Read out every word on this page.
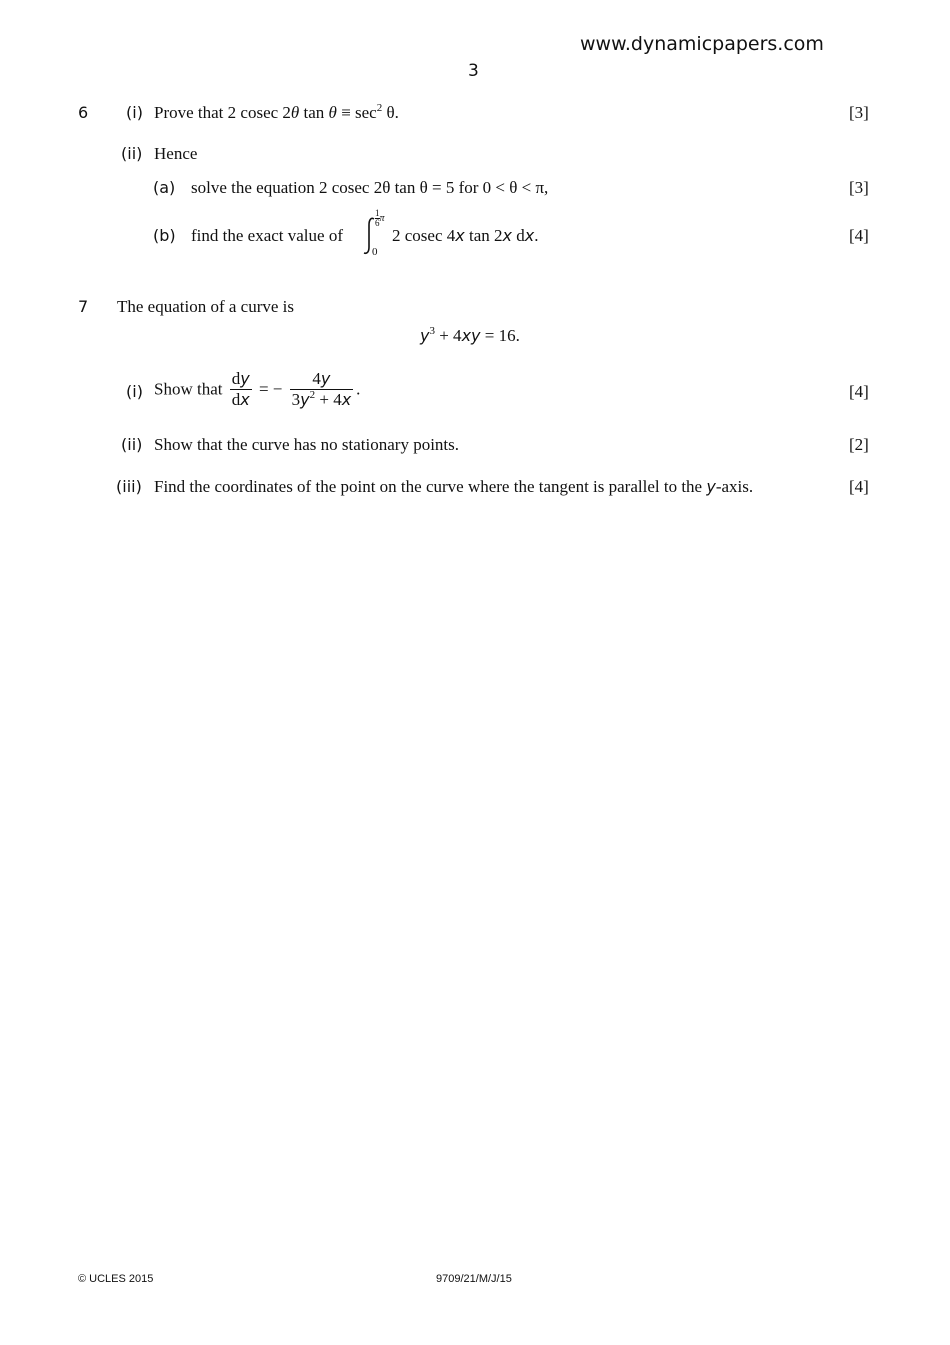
www.dynamicpapers.com
3
6 (i) Prove that 2 cosec 2θ $\tan \theta \equiv \sec^2 \theta$.	[3]
(ii) Hence
(a) solve the equation 2 cosec 2θ tan θ = 5 for 0 < θ < π,	[3]
(b) find the exact value of
$\frac{1}{6}$ π
0
2 cosec 4x tan 2x dx.	[4]
7 The equation of a curve is
$y^3 + 4xy = 16$.
(i) Show that $\frac{dy}{dx}$ = − $\frac{4y}{3y^2 + 4x}$ .	[4]
(ii) Show that the curve has no stationary points.	[2]
(iii) Find the coordinates of the point on the curve where the tangent is parallel to the y-axis.	[4]
© UCLES 2015	9709/21/M/J/15
